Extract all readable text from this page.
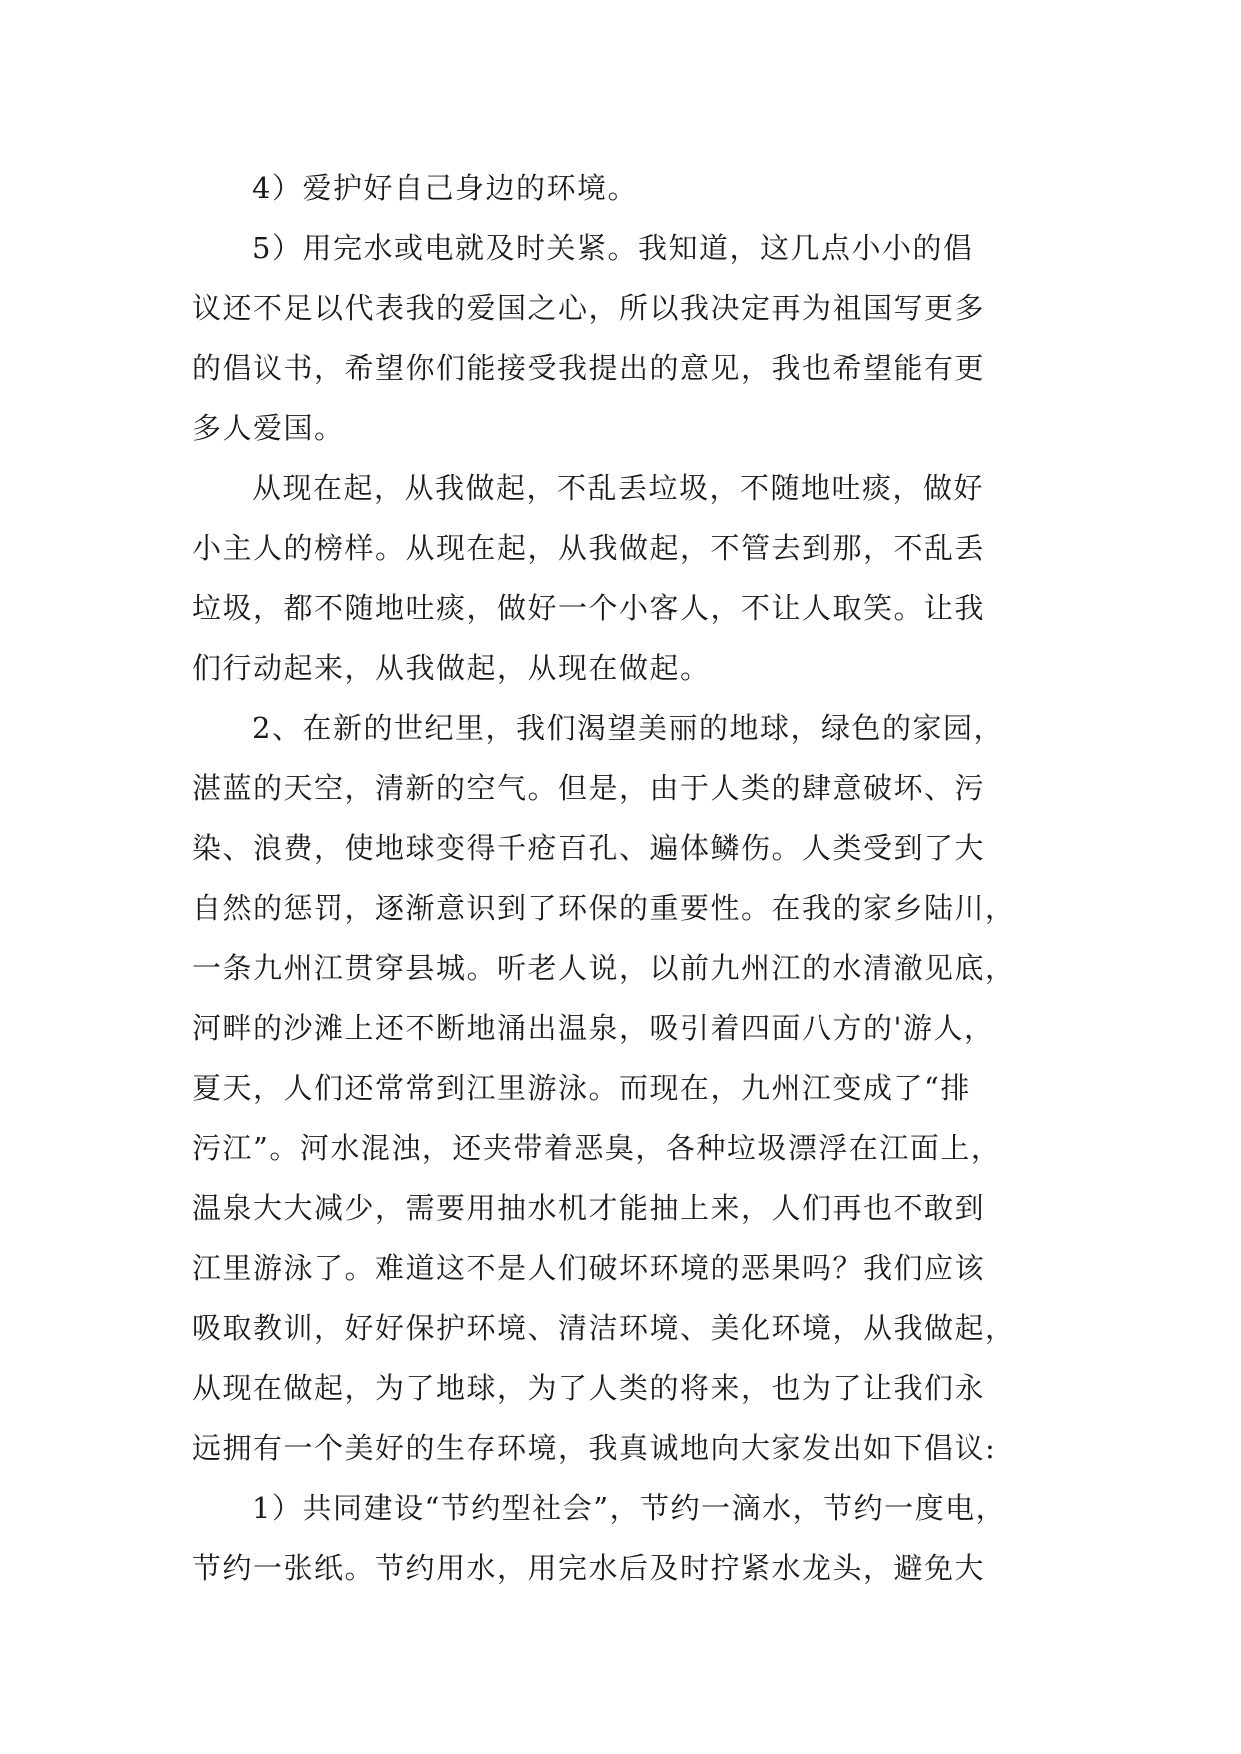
4）爱护好自己身边的环境。
5）用完水或电就及时关紧。我知道，这几点小小的倡
议还不足以代表我的爱国之心，所以我决定再为祖国写更多
的倡议书，希望你们能接受我提出的意见，我也希望能有更
多人爱国。
从现在起，从我做起，不乱丢垃圾，不随地吐痰，做好
小主人的榜样。从现在起，从我做起，不管去到那，不乱丢
垃圾，都不随地吐痰，做好一个小客人，不让人取笑。让我
们行动起来，从我做起，从现在做起。
2、在新的世纪里，我们渴望美丽的地球，绿色的家园，
湛蓝的天空，清新的空气。但是，由于人类的肆意破坏、污
染、浪费，使地球变得千疮百孔、遍体鳞伤。人类受到了大
自然的惩罚，逐渐意识到了环保的重要性。在我的家乡陆川，
一条九州江贯穿县城。听老人说，以前九州江的水清澈见底，
河畔的沙滩上还不断地涌出温泉，吸引着四面八方的'游人，
夏天，人们还常常到江里游泳。而现在，九州江变成了“排
污江”。河水混浊，还夹带着恶臭，各种垃圾漂浮在江面上，
温泉大大减少，需要用抽水机才能抽上来，人们再也不敢到
江里游泳了。难道这不是人们破坏环境的恶果吗？我们应该
吸取教训，好好保护环境、清洁环境、美化环境，从我做起，
从现在做起，为了地球，为了人类的将来，也为了让我们永
远拥有一个美好的生存环境，我真诚地向大家发出如下倡议:
1）共同建设“节约型社会”，节约一滴水，节约一度电，
节约一张纸。节约用水，用完水后及时拧紧水龙头，避免大
